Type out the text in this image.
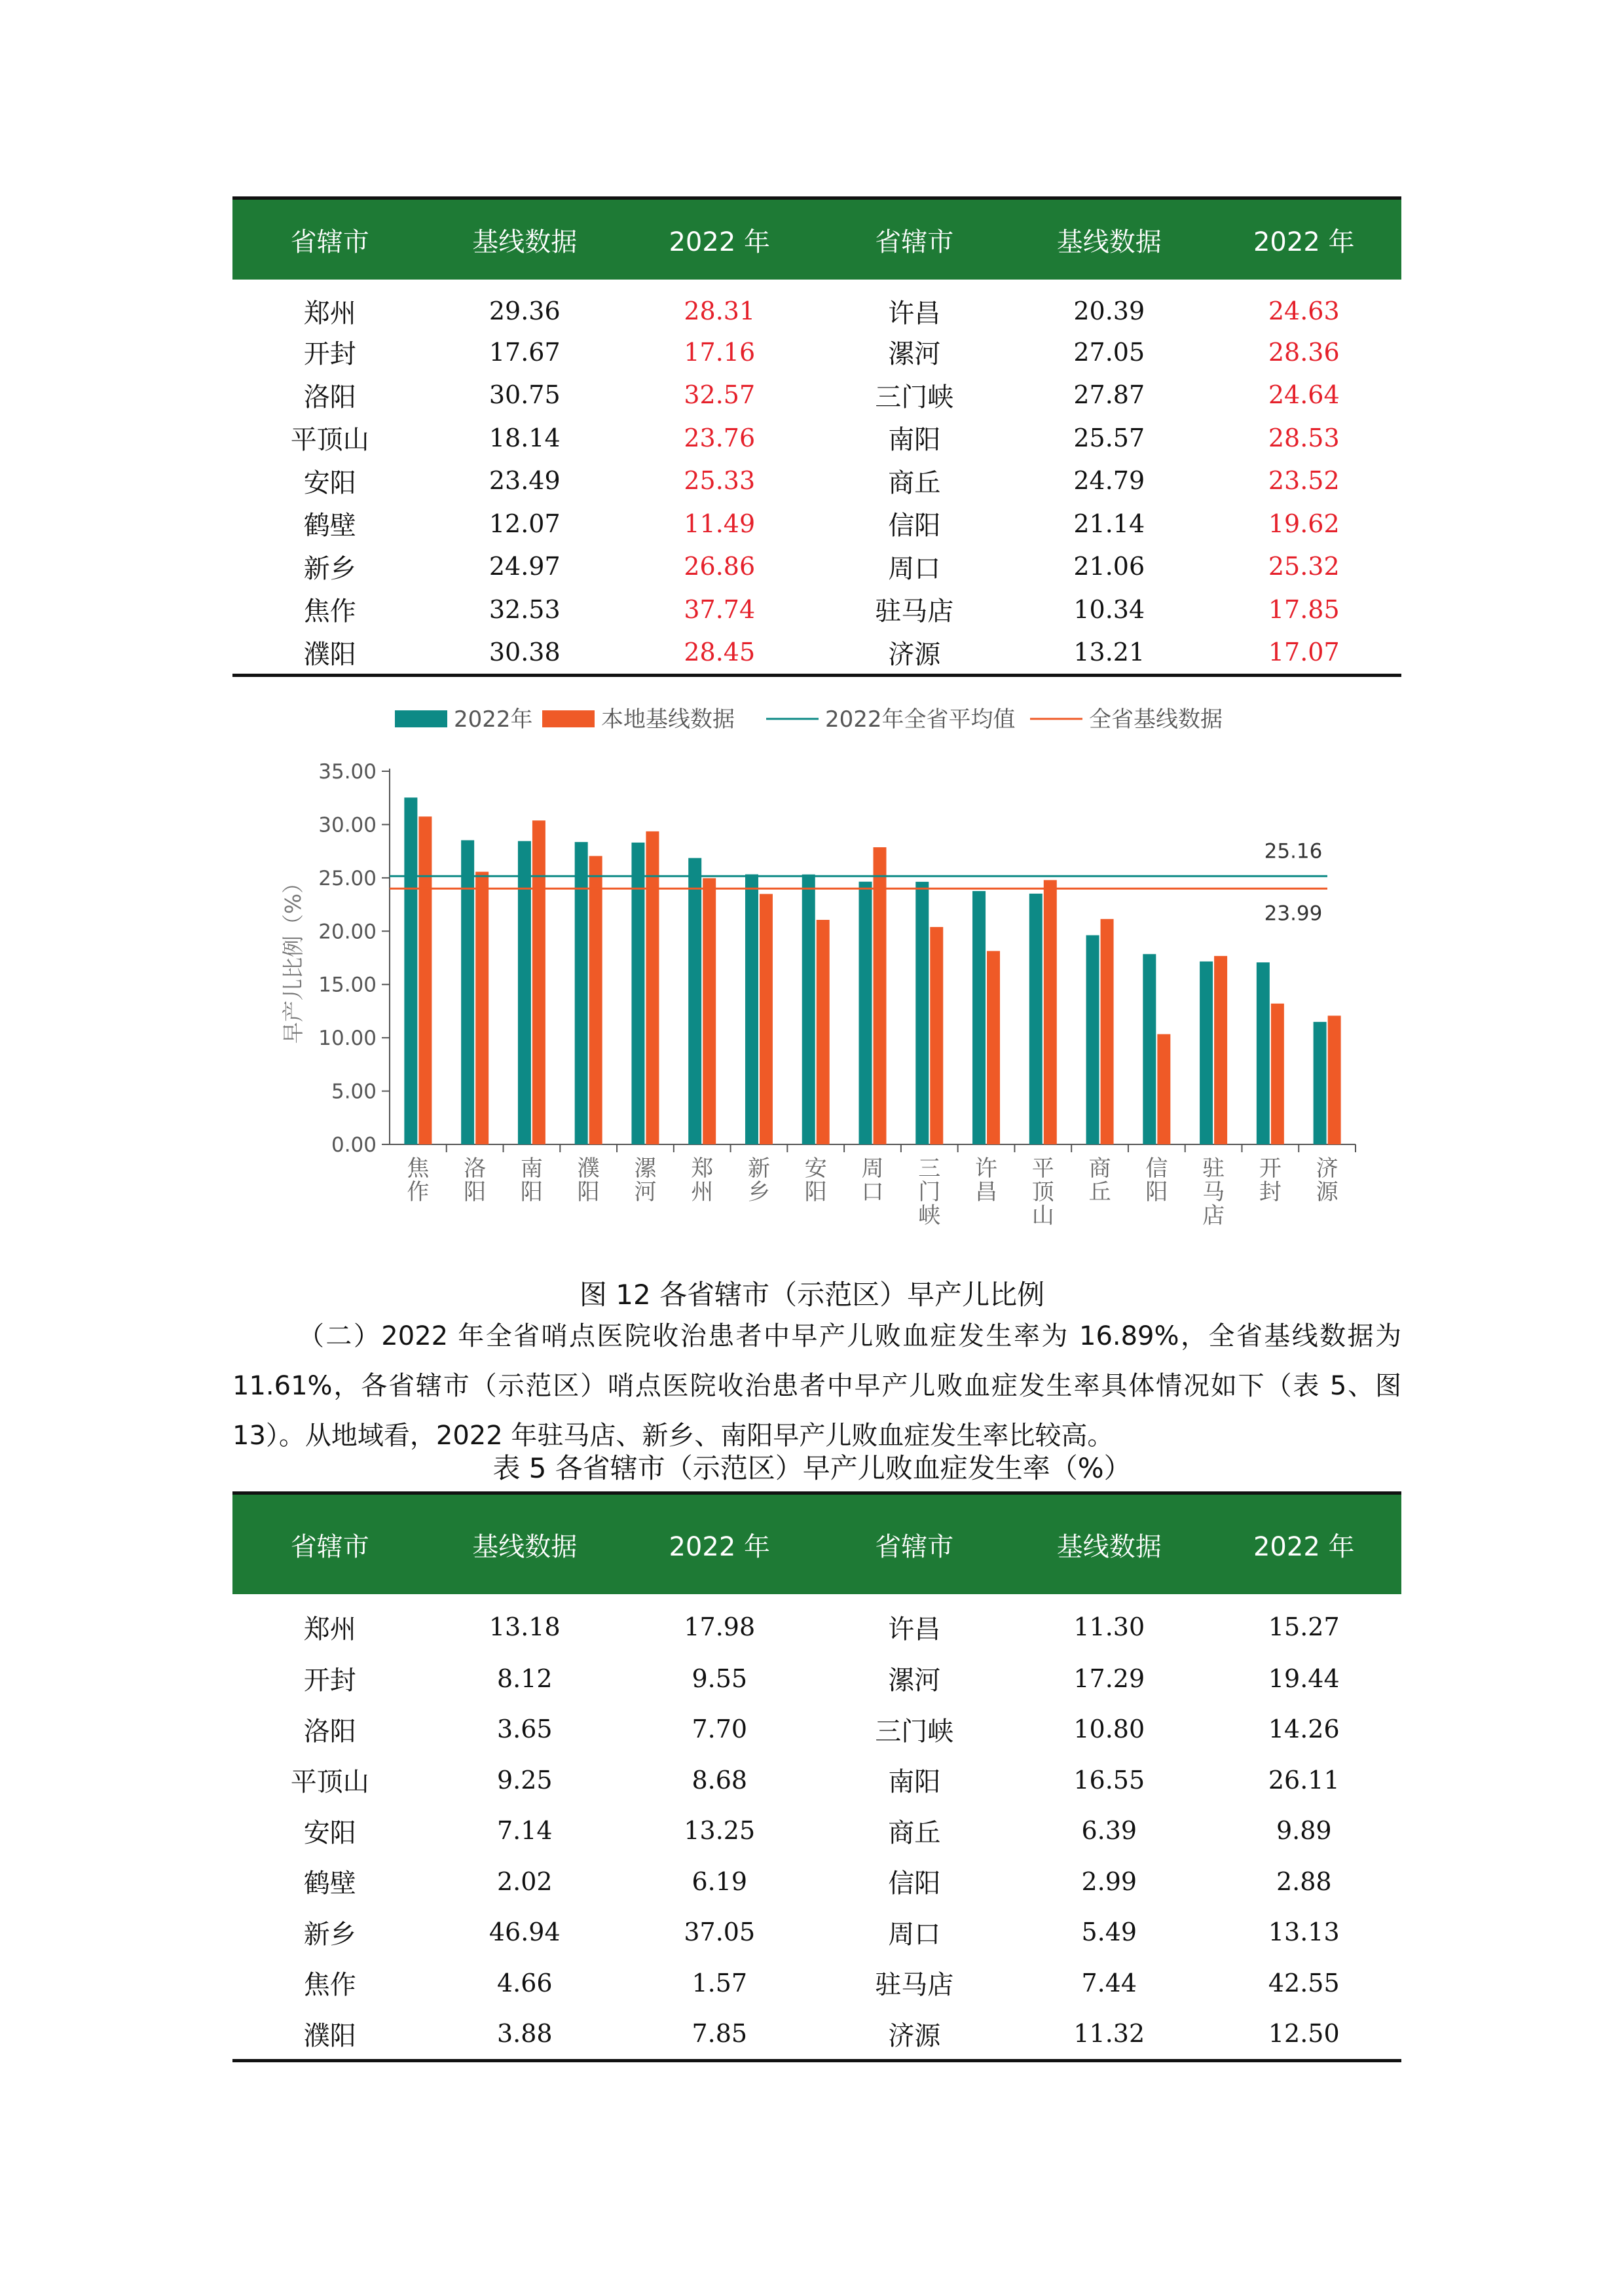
省辖市	基线数据	2022 年	省辖市	基线数据	2022 年
郑州	29.36	28.31	许昌	20.39	24.63
开封	17.67	17.16	漯河	27.05	28.36
洛阳	30.75	32.57	三门峡	27.87	24.64
平顶山	18.14	23.76	南阳	25.57	28.53
安阳	23.49	25.33	商丘	24.79	23.52
鹤壁	12.07	11.49	信阳	21.14	19.62
新乡	24.97	26.86	周口	21.06	25.32
焦作	32.53	37.74	驻马店	10.34	17.85
濮阳	30.38	28.45	济源	13.21	17.07
2022年	本地基线数据	2022年全省平均值	全省基线数据
0.00
5.00
10.00
15.00
20.00
25.00
30.00
35.00
早产儿比例（%）
焦作
洛阳
南阳
濮阳
漯河
郑州
新乡
安阳
周口
三门峡
许昌
平顶山
商丘
信阳
驻马店
开封
济源
25.16
23.99
图 12 各省辖市（示范区）早产儿比例
（二）2022 年全省哨点医院收治患者中早产儿败血症发生率为 16.89%，全省基线数据为 11.61%，各省辖市（示范区）哨点医院收治患者中早产儿败血症发生率具体情况如下（表 5、图 13）。从地域看，2022 年驻马店、新乡、南阳早产儿败血症发生率比较高。
表 5 各省辖市（示范区）早产儿败血症发生率（%）
省辖市	基线数据	2022 年	省辖市	基线数据	2022 年
郑州	13.18	17.98	许昌	11.30	15.27
开封	8.12	9.55	漯河	17.29	19.44
洛阳	3.65	7.70	三门峡	10.80	14.26
平顶山	9.25	8.68	南阳	16.55	26.11
安阳	7.14	13.25	商丘	6.39	9.89
鹤壁	2.02	6.19	信阳	2.99	2.88
新乡	46.94	37.05	周口	5.49	13.13
焦作	4.66	1.57	驻马店	7.44	42.55
濮阳	3.88	7.85	济源	11.32	12.50
